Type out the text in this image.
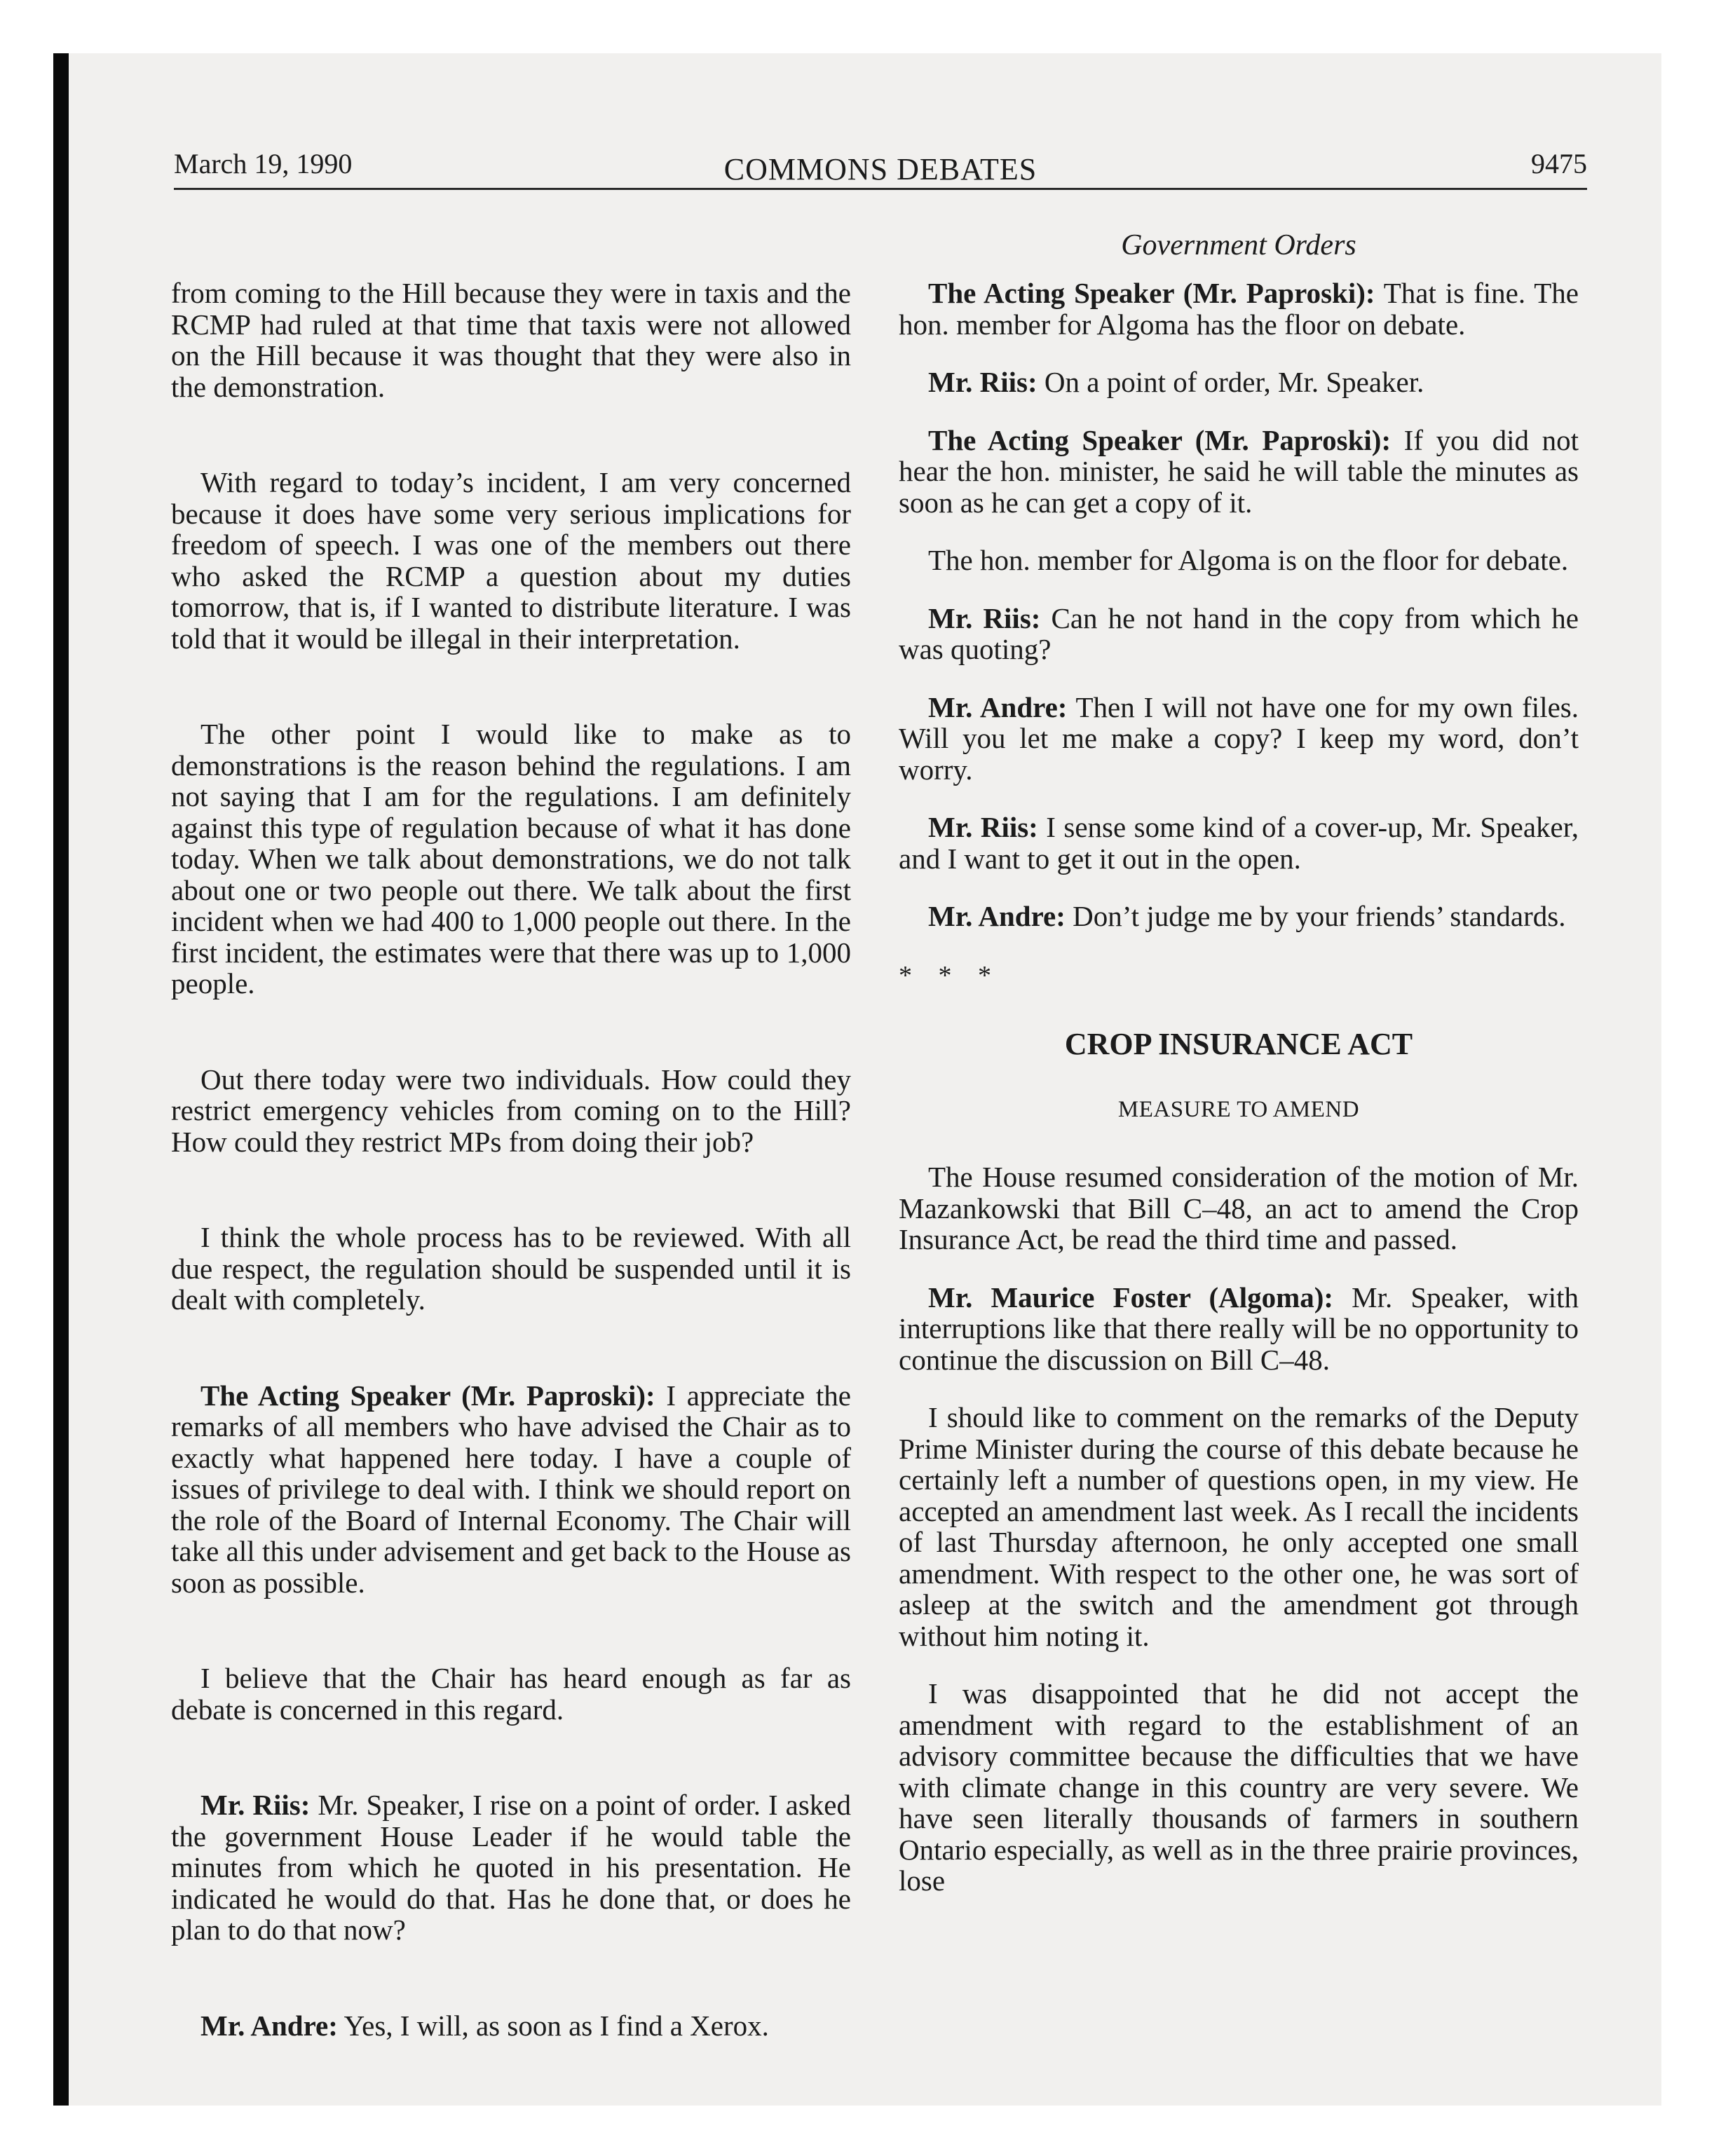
March 19, 1990	COMMONS DEBATES	9475
Government Orders

from coming to the Hill because they were in taxis and the RCMP had ruled at that time that taxis were not allowed on the Hill because it was thought that they were also in the demonstration.

With regard to today’s incident, I am very concerned because it does have some very serious implications for freedom of speech. I was one of the members out there who asked the RCMP a question about my duties tomorrow, that is, if I wanted to distribute literature. I was told that it would be illegal in their interpretation.

The other point I would like to make as to demonstrations is the reason behind the regulations. I am not saying that I am for the regulations. I am definitely against this type of regulation because of what it has done today. When we talk about demonstrations, we do not talk about one or two people out there. We talk about the first incident when we had 400 to 1,000 people out there. In the first incident, the estimates were that there was up to 1,000 people.

Out there today were two individuals. How could they restrict emergency vehicles from coming on to the Hill? How could they restrict MPs from doing their job?

I think the whole process has to be reviewed. With all due respect, the regulation should be suspended until it is dealt with completely.

The Acting Speaker (Mr. Paproski): I appreciate the remarks of all members who have advised the Chair as to exactly what happened here today. I have a couple of issues of privilege to deal with. I think we should report on the role of the Board of Internal Economy. The Chair will take all this under advisement and get back to the House as soon as possible.

I believe that the Chair has heard enough as far as debate is concerned in this regard.

Mr. Riis: Mr. Speaker, I rise on a point of order. I asked the government House Leader if he would table the minutes from which he quoted in his presentation. He indicated he would do that. Has he done that, or does he plan to do that now?

Mr. Andre: Yes, I will, as soon as I find a Xerox.

The Acting Speaker (Mr. Paproski): That is fine. The hon. member for Algoma has the floor on debate.

Mr. Riis: On a point of order, Mr. Speaker.

The Acting Speaker (Mr. Paproski): If you did not hear the hon. minister, he said he will table the minutes as soon as he can get a copy of it.

The hon. member for Algoma is on the floor for debate.

Mr. Riis: Can he not hand in the copy from which he was quoting?

Mr. Andre: Then I will not have one for my own files. Will you let me make a copy? I keep my word, don’t worry.

Mr. Riis: I sense some kind of a cover-up, Mr. Speaker, and I want to get it out in the open.

Mr. Andre: Don’t judge me by your friends’ standards.

* * *

CROP INSURANCE ACT

MEASURE TO AMEND

The House resumed consideration of the motion of Mr. Mazankowski that Bill C–48, an act to amend the Crop Insurance Act, be read the third time and passed.

Mr. Maurice Foster (Algoma): Mr. Speaker, with interruptions like that there really will be no opportunity to continue the discussion on Bill C–48.

I should like to comment on the remarks of the Deputy Prime Minister during the course of this debate because he certainly left a number of questions open, in my view. He accepted an amendment last week. As I recall the incidents of last Thursday afternoon, he only accepted one small amendment. With respect to the other one, he was sort of asleep at the switch and the amendment got through without him noting it.

I was disappointed that he did not accept the amendment with regard to the establishment of an advisory committee because the difficulties that we have with climate change in this country are very severe. We have seen literally thousands of farmers in southern Ontario especially, as well as in the three prairie provinces, lose
